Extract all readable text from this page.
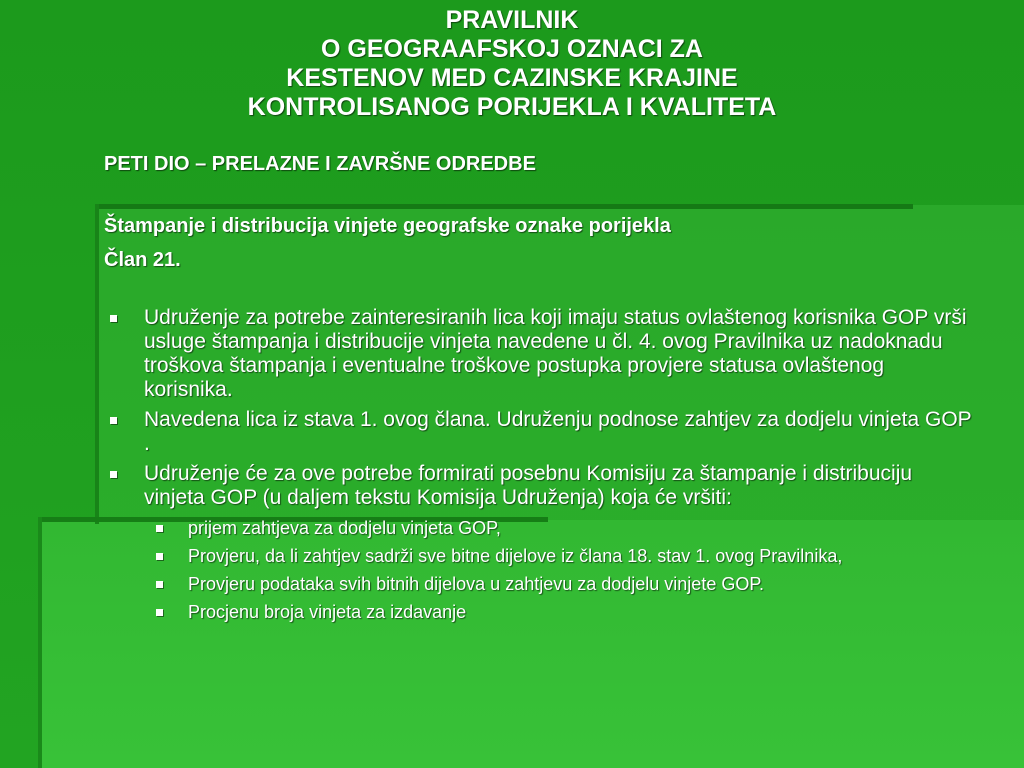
PRAVILNIK
O GEOGRAAFSKOJ OZNACI ZA
KESTENOV MED CAZINSKE KRAJINE
KONTROLISANOG PORIJEKLA I KVALITETA
PETI DIO – PRELAZNE I ZAVRŠNE ODREDBE
Štampanje i distribucija vinjete geografske oznake porijekla
Član 21.
Udruženje za potrebe zainteresiranih lica koji imaju status ovlaštenog korisnika GOP vrši usluge štampanja i distribucije vinjeta navedene u čl. 4. ovog Pravilnika uz nadoknadu troškova štampanja i eventualne troškove postupka provjere statusa ovlaštenog korisnika.
Navedena lica iz stava 1. ovog člana. Udruženju podnose zahtjev za dodjelu vinjeta GOP .
Udruženje će za ove potrebe formirati posebnu Komisiju za štampanje i distribuciju vinjeta GOP (u daljem tekstu Komisija Udruženja) koja će vršiti:
prijem zahtjeva za dodjelu vinjeta GOP,
Provjeru, da li zahtjev sadrži sve bitne dijelove iz člana 18. stav 1. ovog Pravilnika,
Provjeru podataka svih bitnih dijelova u zahtjevu za dodjelu vinjete GOP.
Procjenu broja vinjeta za izdavanje
